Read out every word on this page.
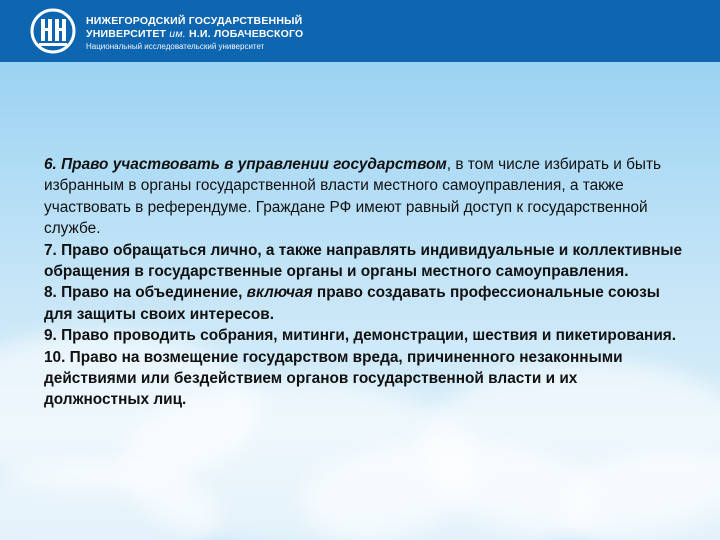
НИЖЕГОРОДСКИЙ ГОСУДАРСТВЕННЫЙ
УНИВЕРСИТЕТ им. Н.И. ЛОБАЧЕВСКОГО
Национальный исследовательский университет

6. Право участвовать в управлении государством, в том числе избирать и быть избранным в органы государственной власти местного самоуправления, а также участвовать в референдуме. Граждане РФ имеют равный доступ к государственной службе.

7. Право обращаться лично, а также направлять индивидуальные и коллективные обращения в государственные органы и органы местного самоуправления.

8. Право на объединение, включая право создавать профессиональные союзы для защиты своих интересов.

9. Право проводить собрания, митинги, демонстрации, шествия и пикетирования.

10. Право на возмещение государством вреда, причиненного незаконными действиями или бездействием органов государственной власти и их должностных лиц.
